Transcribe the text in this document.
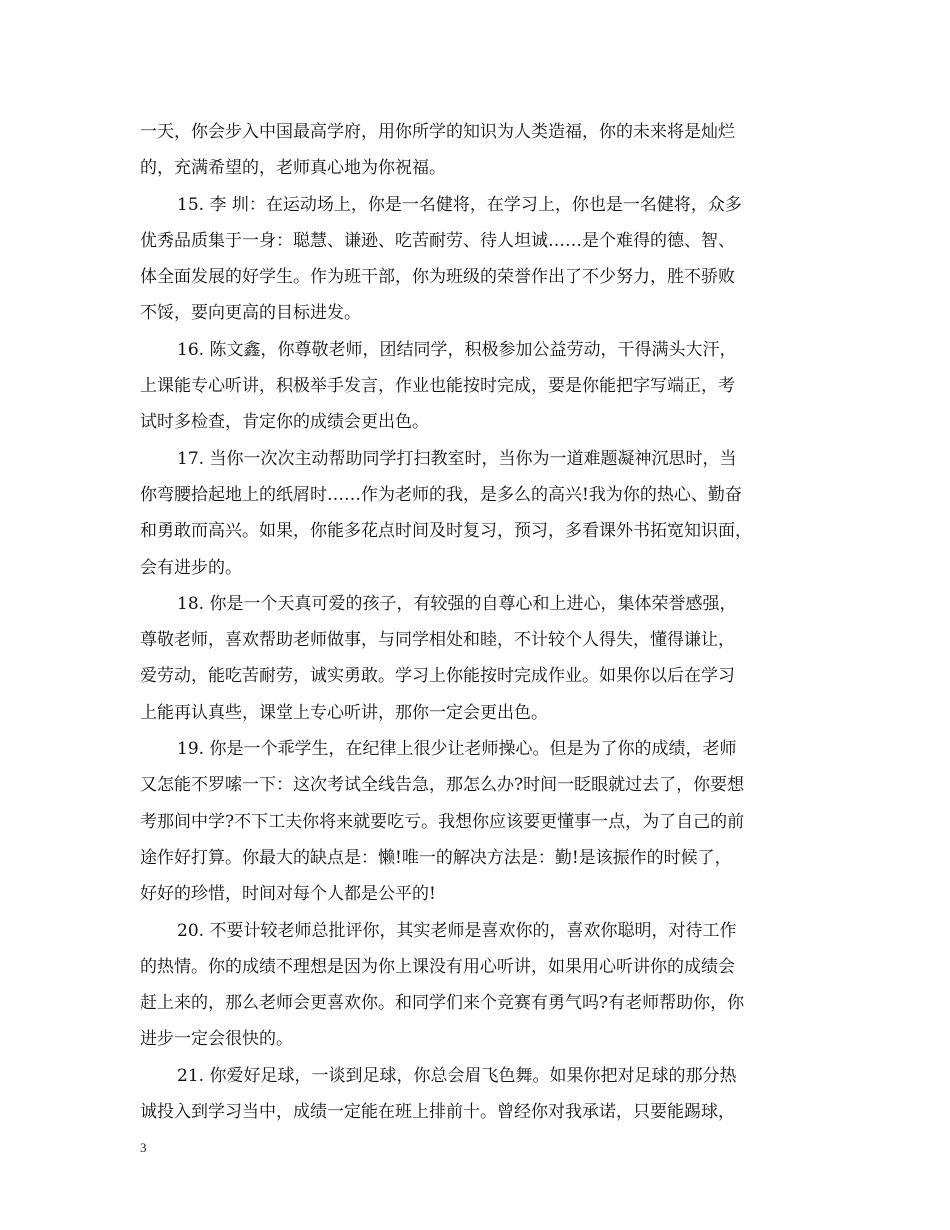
一天，你会步入中国最高学府，用你所学的知识为人类造福，你的未来将是灿烂
的，充满希望的，老师真心地为你祝福。

15. 李 圳：在运动场上，你是一名健将，在学习上，你也是一名健将，众多
优秀品质集于一身：聪慧、谦逊、吃苦耐劳、待人坦诚……是个难得的德、智、
体全面发展的好学生。作为班干部，你为班级的荣誉作出了不少努力，胜不骄败
不馁，要向更高的目标进发。

16. 陈文鑫，你尊敬老师，团结同学，积极参加公益劳动，干得满头大汗，
上课能专心听讲，积极举手发言，作业也能按时完成，要是你能把字写端正，考
试时多检查，肯定你的成绩会更出色。

17. 当你一次次主动帮助同学打扫教室时，当你为一道难题凝神沉思时，当
你弯腰拾起地上的纸屑时……作为老师的我，是多么的高兴!我为你的热心、勤奋
和勇敢而高兴。如果，你能多花点时间及时复习，预习，多看课外书拓宽知识面，
会有进步的。

18. 你是一个天真可爱的孩子，有较强的自尊心和上进心，集体荣誉感强，
尊敬老师，喜欢帮助老师做事，与同学相处和睦，不计较个人得失，懂得谦让，
爱劳动，能吃苦耐劳，诚实勇敢。学习上你能按时完成作业。如果你以后在学习
上能再认真些，课堂上专心听讲，那你一定会更出色。

19. 你是一个乖学生，在纪律上很少让老师操心。但是为了你的成绩，老师
又怎能不罗嗦一下：这次考试全线告急，那怎么办?时间一眨眼就过去了，你要想
考那间中学?不下工夫你将来就要吃亏。我想你应该要更懂事一点，为了自己的前
途作好打算。你最大的缺点是：懒!唯一的解决方法是：勤!是该振作的时候了，
好好的珍惜，时间对每个人都是公平的!

20. 不要计较老师总批评你，其实老师是喜欢你的，喜欢你聪明，对待工作
的热情。你的成绩不理想是因为你上课没有用心听讲，如果用心听讲你的成绩会
赶上来的，那么老师会更喜欢你。和同学们来个竞赛有勇气吗?有老师帮助你，你
进步一定会很快的。

21. 你爱好足球，一谈到足球，你总会眉飞色舞。如果你把对足球的那分热
诚投入到学习当中，成绩一定能在班上排前十。曾经你对我承诺，只要能踢球，

3
